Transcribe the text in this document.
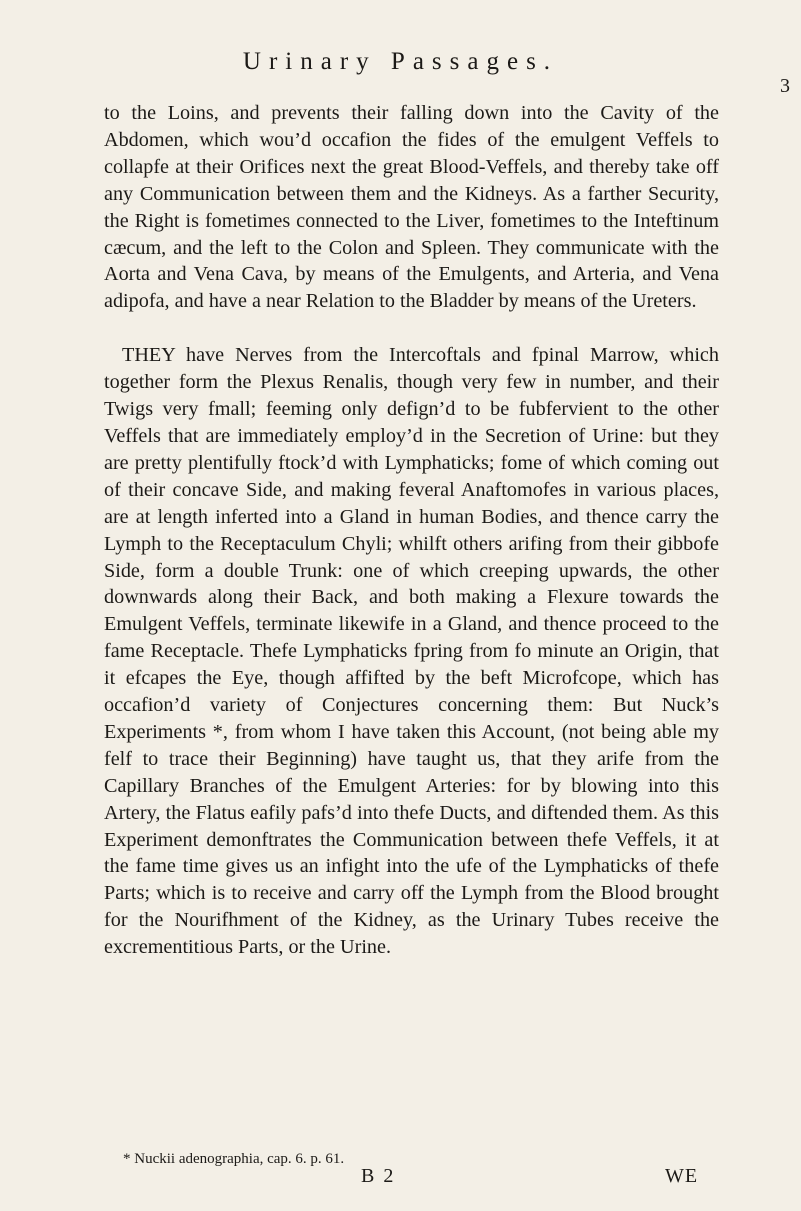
Urinary Passages.
3

to the Loins, and prevents their falling down into the Cavity of the Abdomen, which wou’d occafion the fides of the emulgent Veffels to collapfe at their Orifices next the great Blood-Veffels, and thereby take off any Communication between them and the Kidneys. As a farther Security, the Right is fometimes connected to the Liver, fometimes to the Inteftinum cæcum, and the left to the Colon and Spleen. They communicate with the Aorta and Vena Cava, by means of the Emulgents, and Arteria, and Vena adipofa, and have a near Relation to the Bladder by means of the Ureters.

THEY have Nerves from the Intercoftals and fpinal Marrow, which together form the Plexus Renalis, though very few in number, and their Twigs very fmall; feeming only defign’d to be fubfervient to the other Veffels that are immediately employ’d in the Secretion of Urine: but they are pretty plentifully ftock’d with Lymphaticks; fome of which coming out of their concave Side, and making feveral Anaftomofes in various places, are at length inferted into a Gland in human Bodies, and thence carry the Lymph to the Receptaculum Chyli; whilft others arifing from their gibbofe Side, form a double Trunk: one of which creeping upwards, the other downwards along their Back, and both making a Flexure towards the Emulgent Veffels, terminate likewife in a Gland, and thence proceed to the fame Receptacle. Thefe Lymphaticks fpring from fo minute an Origin, that it efcapes the Eye, though affifted by the beft Microfcope, which has occafion’d variety of Conjectures concerning them: But Nuck’s Experiments *, from whom I have taken this Account, (not being able my felf to trace their Beginning) have taught us, that they arife from the Capillary Branches of the Emulgent Arteries: for by blowing into this Artery, the Flatus eafily pafs’d into thefe Ducts, and diftended them. As this Experiment demonftrates the Communication between thefe Veffels, it at the fame time gives us an infight into the ufe of the Lymphaticks of thefe Parts; which is to receive and carry off the Lymph from the Blood brought for the Nourifhment of the Kidney, as the Urinary Tubes receive the excrementitious Parts, or the Urine.

* Nuckii adenographia, cap. 6. p. 61.
B 2	WE
